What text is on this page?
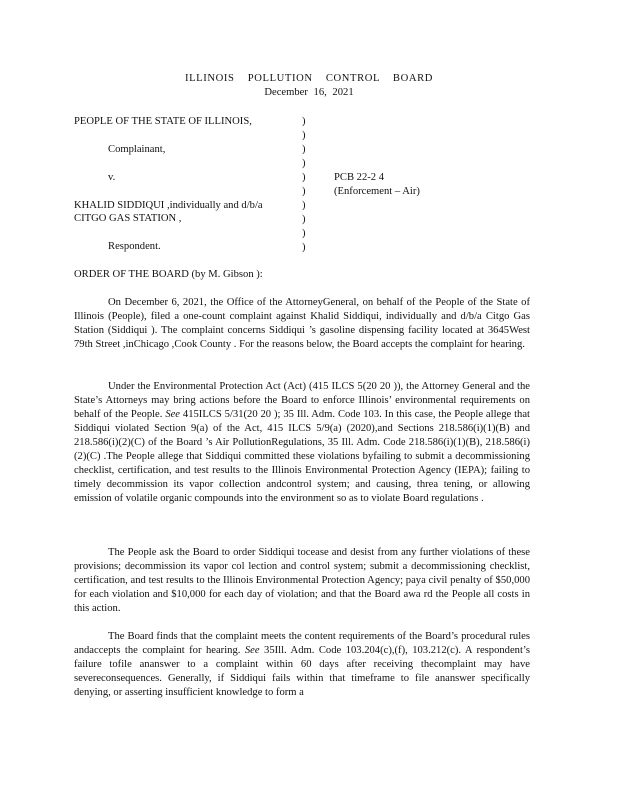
ILLINOIS POLLUTION CONTROL BOARD
December 16, 2021
PEOPLE OF THE STATE OF ILLINOIS,
Complainant,
v.
KHALID SIDDIQUI ,individually and d/b/a
CITGO GAS STATION ,
Respondent.
)
)
)
)
)
)
)
)
)
)
PCB 22-2 4
(Enforcement – Air)
ORDER OF THE BOARD (by M. Gibson ):

On December 6, 2021, the Office of the AttorneyGeneral, on behalf of the People of the State of Illinois (People), filed a one-count complaint against Khalid Siddiqui, individually and d/b/a Citgo Gas Station (Siddiqui ). The complaint concerns Siddiqui ’s gasoline dispensing facility located at 3645West 79th Street ,inChicago ,Cook County . For the reasons below, the Board accepts the complaint for hearing.

Under the Environmental Protection Act (Act) (415 ILCS 5(20 20 )), the Attorney General and the State’s Attorneys may bring actions before the Board to enforce Illinois’ environmental requirements on behalf of the People. See 415ILCS 5/31(20 20 ); 35 Ill. Adm. Code 103. In this case, the People allege that Siddiqui violated Section 9(a) of the Act, 415 ILCS 5/9(a) (2020),and Sections 218.586(i)(1)(B) and 218.586(i)(2)(C) of the Board ’s Air PollutionRegulations, 35 Ill. Adm. Code 218.586(i)(1)(B), 218.586(i)(2)(C) .The People allege that Siddiqui committed these violations byfailing to submit a decommissioning checklist, certification, and test results to the Illinois Environmental Protection Agency (IEPA); failing to timely decommission its vapor collection andcontrol system; and causing, threa tening, or allowing emission of volatile organic compounds into the environment so as to violate Board regulations .

The People ask the Board to order Siddiqui tocease and desist from any further violations of these provisions; decommission its vapor col lection and control system; submit a decommissioning checklist, certification, and test results to the Illinois Environmental Protection Agency; paya civil penalty of $50,000 for each violation and $10,000 for each day of violation; and that the Board awa rd the People all costs in this action.

The Board finds that the complaint meets the content requirements of the Board’s procedural rules andaccepts the complaint for hearing. See 35Ill. Adm. Code 103.204(c),(f), 103.212(c). A respondent’s failure tofile ananswer to a complaint within 60 days after receiving thecomplaint may have severeconsequences. Generally, if Siddiqui fails within that timeframe to file ananswer specifically denying, or asserting insufficient knowledge to form a
